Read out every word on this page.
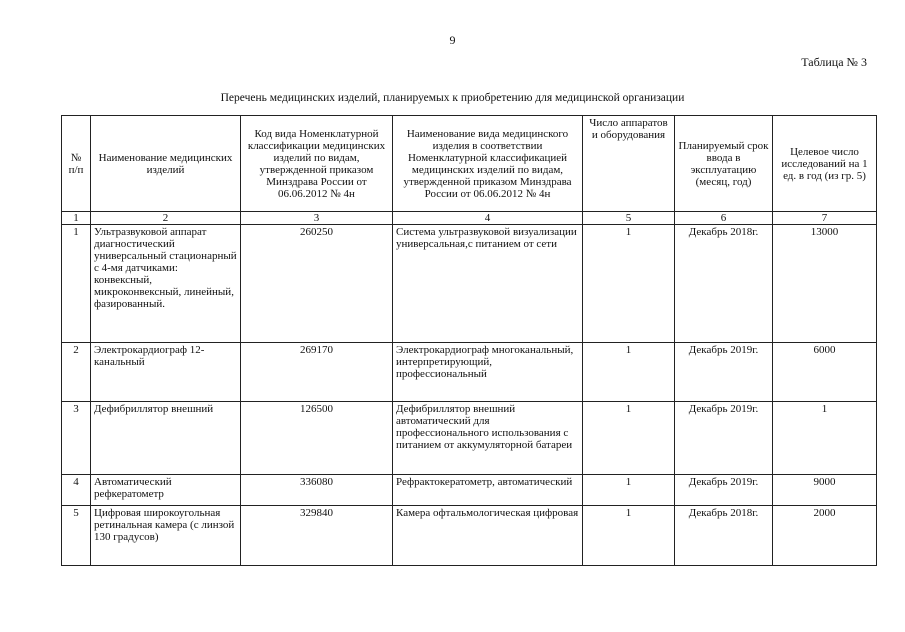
9
Таблица № 3
Перечень медицинских изделий, планируемых к приобретению для медицинской организации
№ п/п	Наименование медицинских изделий	Код вида Номенклатурной классификации медицинских изделий по видам, утвержденной приказом Минздрава России от 06.06.2012 № 4н	Наименование вида медицинского изделия в соответствии Номенклатурной классификацией медицинских изделий по видам, утвержденной приказом Минздрава России от 06.06.2012 № 4н	Число аппаратов и оборудования	Планируемый срок ввода в эксплуатацию (месяц, год)	Целевое число исследований на 1 ед. в год (из гр. 5)
1	2	3	4	5	6	7
1	Ультразвуковой аппарат диагностический универсальный стационарный с 4-мя датчиками: конвексный, микроконвексный, линейный, фазированный.	260250	Система ультразвуковой визуализации универсальная,с питанием от сети	1	Декабрь 2018г.	13000
2	Электрокардиограф 12-канальный	269170	Электрокардиограф многоканальный, интерпретирующий, профессиональный	1	Декабрь 2019г.	6000
3	Дефибриллятор внешний	126500	Дефибриллятор внешний автоматический для профессионального использования с питанием от аккумуляторной батареи	1	Декабрь 2019г.	1
4	Автоматический рефкератометр	336080	Рефрактокератометр, автоматический	1	Декабрь 2019г.	9000
5	Цифровая широкоугольная ретинальная камера (с линзой 130 градусов)	329840	Камера офтальмологическая цифровая	1	Декабрь 2018г.	2000
